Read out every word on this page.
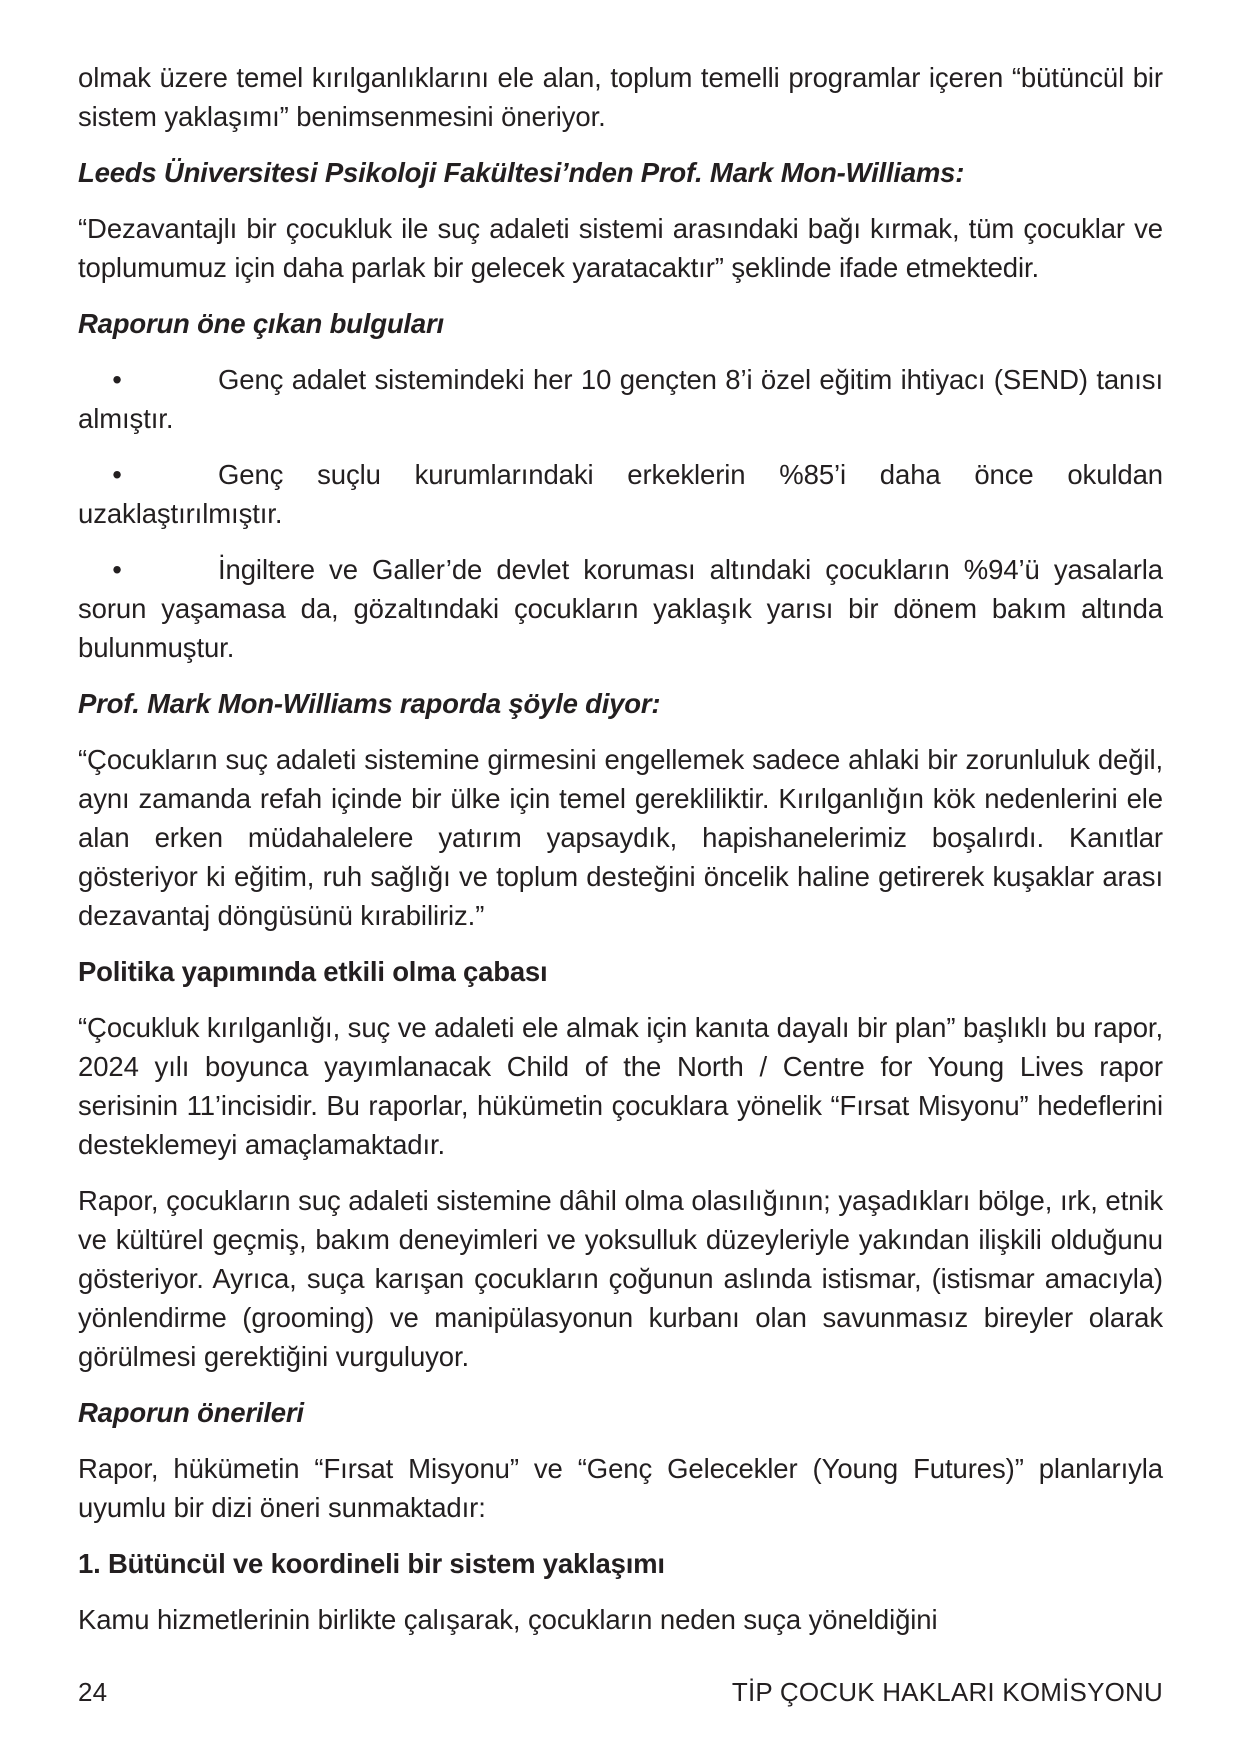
olmak üzere temel kırılganlıklarını ele alan, toplum temelli programlar içeren “bütüncül bir sistem yaklaşımı” benimsenmesini öneriyor.

Leeds Üniversitesi Psikoloji Fakültesi’nden Prof. Mark Mon-Williams:

“Dezavantajlı bir çocukluk ile suç adaleti sistemi arasındaki bağı kırmak, tüm çocuklar ve toplumumuz için daha parlak bir gelecek yaratacaktır” şeklinde ifade etmektedir.

Raporun öne çıkan bulguları

•	Genç adalet sistemindeki her 10 gençten 8’i özel eğitim ihtiyacı (SEND) tanısı almıştır.

•	Genç suçlu kurumlarındaki erkeklerin %85’i daha önce okuldan uzaklaştırılmıştır.

•	İngiltere ve Galler’de devlet koruması altındaki çocukların %94’ü yasalarla sorun yaşamasa da, gözaltındaki çocukların yaklaşık yarısı bir dönem bakım altında bulunmuştur.

Prof. Mark Mon-Williams raporda şöyle diyor:

“Çocukların suç adaleti sistemine girmesini engellemek sadece ahlaki bir zorunluluk değil, aynı zamanda refah içinde bir ülke için temel gerekliliktir. Kırılganlığın kök nedenlerini ele alan erken müdahalelere yatırım yapsaydık, hapishanelerimiz boşalırdı. Kanıtlar gösteriyor ki eğitim, ruh sağlığı ve toplum desteğini öncelik haline getirerek kuşaklar arası dezavantaj döngüsünü kırabiliriz.”

Politika yapımında etkili olma çabası

“Çocukluk kırılganlığı, suç ve adaleti ele almak için kanıta dayalı bir plan” başlıklı bu rapor, 2024 yılı boyunca yayımlanacak Child of the North / Centre for Young Lives rapor serisinin 11’incisidir. Bu raporlar, hükümetin çocuklara yönelik “Fırsat Misyonu” hedeflerini desteklemeyi amaçlamaktadır.

Rapor, çocukların suç adaleti sistemine dâhil olma olasılığının; yaşadıkları bölge, ırk, etnik ve kültürel geçmiş, bakım deneyimleri ve yoksulluk düzeyleriyle yakından ilişkili olduğunu gösteriyor. Ayrıca, suça karışan çocukların çoğunun aslında istismar, (istismar amacıyla) yönlendirme (grooming) ve manipülasyonun kurbanı olan savunmasız bireyler olarak görülmesi gerektiğini vurguluyor.

Raporun önerileri

Rapor, hükümetin “Fırsat Misyonu” ve “Genç Gelecekler (Young Futures)” planlarıyla uyumlu bir dizi öneri sunmaktadır:

1. Bütüncül ve koordineli bir sistem yaklaşımı

Kamu hizmetlerinin birlikte çalışarak, çocukların neden suça yöneldiğini

24	TİP ÇOCUK HAKLARI KOMİSYONU
